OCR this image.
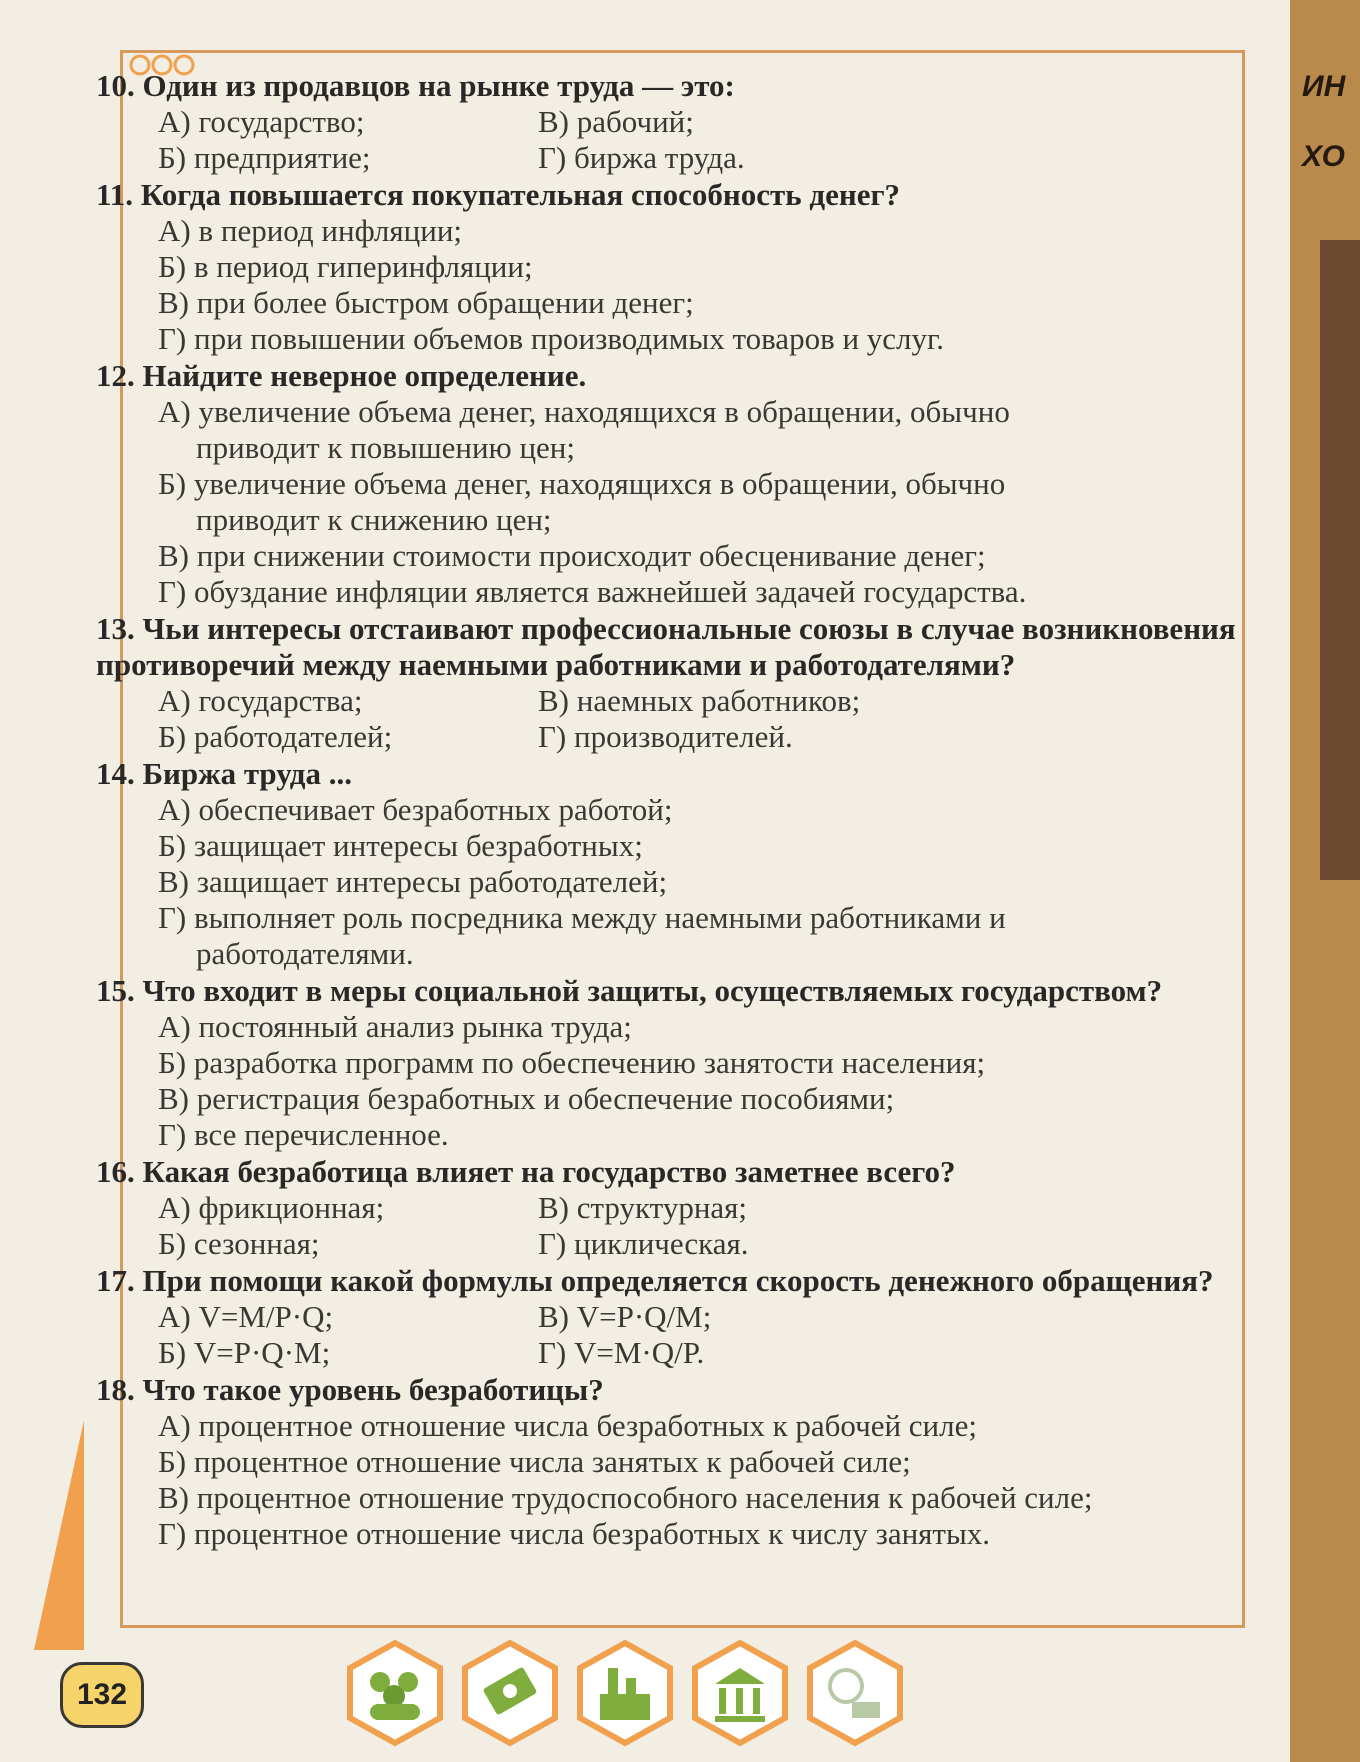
10. Один из продавцов на рынке труда — это:
А) государство;	В) рабочий;
Б) предприятие;	Г) биржа труда.
11. Когда повышается покупательная способность денег?
А) в период инфляции;
Б) в период гиперинфляции;
В) при более быстром обращении денег;
Г) при повышении объемов производимых товаров и услуг.
12. Найдите неверное определение.
А) увеличение объема денег, находящихся в обращении, обычно
приводит к повышению цен;
Б) увеличение объема денег, находящихся в обращении, обычно
приводит к снижению цен;
В) при снижении стоимости происходит обесценивание денег;
Г) обуздание инфляции является важнейшей задачей государства.
13. Чьи интересы отстаивают профессиональные союзы в случае возникновения противоречий между наемными работниками и работодателями?
А) государства;	В) наемных работников;
Б) работодателей;	Г) производителей.
14. Биржа труда ...
А) обеспечивает безработных работой;
Б) защищает интересы безработных;
В) защищает интересы работодателей;
Г) выполняет роль посредника между наемными работниками и
работодателями.
15. Что входит в меры социальной защиты, осуществляемых государством?
А) постоянный анализ рынка труда;
Б) разработка программ по обеспечению занятости населения;
В) регистрация безработных и обеспечение пособиями;
Г) все перечисленное.
16. Какая безработица влияет на государство заметнее всего?
А) фрикционная;	В) структурная;
Б) сезонная;	Г) циклическая.
17. При помощи какой формулы определяется скорость денежного обращения?
А) V=M/P·Q;	В) V=P·Q/M;
Б) V=P·Q·M;	Г) V=M·Q/P.
18. Что такое уровень безработицы?
А) процентное отношение числа безработных к рабочей силе;
Б) процентное отношение числа занятых к рабочей силе;
В) процентное отношение трудоспособного населения к рабочей силе;
Г) процентное отношение числа безработных к числу занятых.
132
ИН
ХО
